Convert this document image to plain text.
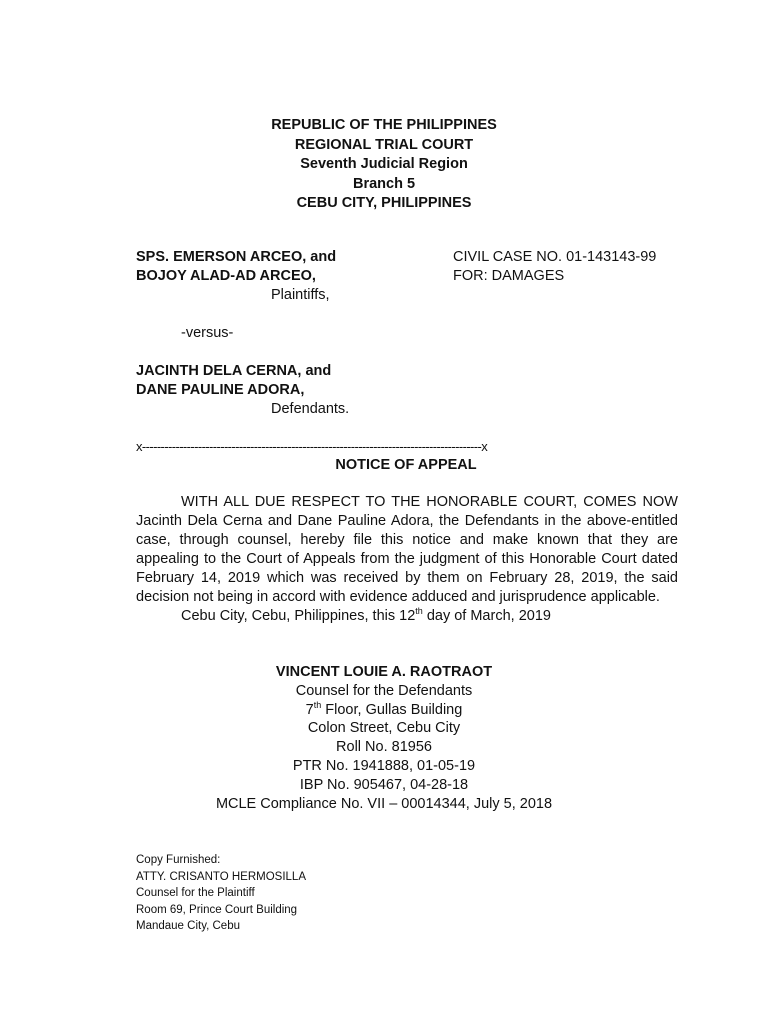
REPUBLIC OF THE PHILIPPINES
REGIONAL TRIAL COURT
Seventh Judicial Region
Branch 5
CEBU CITY, PHILIPPINES
SPS. EMERSON ARCEO, and
BOJOY ALAD-AD ARCEO,
Plaintiffs,
CIVIL CASE NO. 01-143143-99
FOR: DAMAGES
-versus-
JACINTH DELA CERNA, and
DANE PAULINE ADORA,
Defendants.
x-------------------------------------------------------------------------------------------x
NOTICE OF APPEAL
WITH ALL DUE RESPECT TO THE HONORABLE COURT, COMES NOW Jacinth Dela Cerna and Dane Pauline Adora, the Defendants in the above-entitled case, through counsel, hereby file this notice and make known that they are appealing to the Court of Appeals from the judgment of this Honorable Court dated February 14, 2019 which was received by them on February 28, 2019, the said decision not being in accord with evidence adduced and jurisprudence applicable.
Cebu City, Cebu, Philippines, this 12th day of March, 2019
VINCENT LOUIE A. RAOTRAOT
Counsel for the Defendants
7th Floor, Gullas Building
Colon Street, Cebu City
Roll No. 81956
PTR No. 1941888, 01-05-19
IBP No. 905467, 04-28-18
MCLE Compliance No. VII – 00014344, July 5, 2018
Copy Furnished:
ATTY. CRISANTO HERMOSILLA
Counsel for the Plaintiff
Room 69, Prince Court Building
Mandaue City, Cebu
